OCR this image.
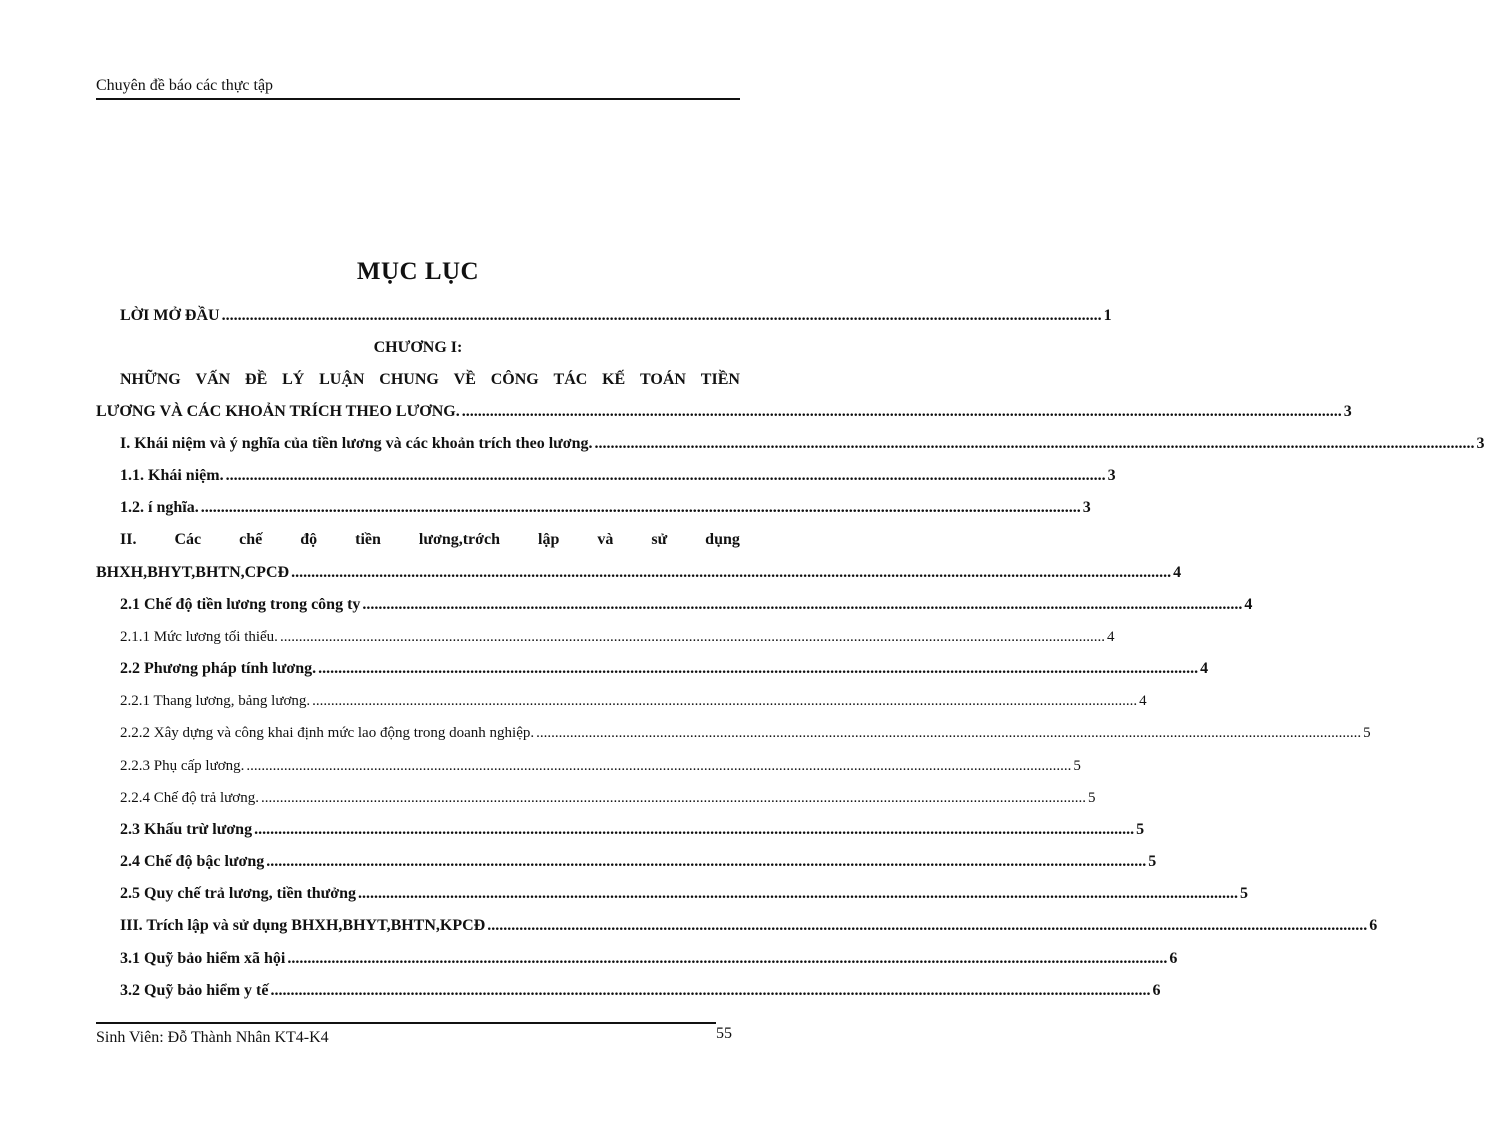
Chuyên đề báo các thực tập
MỤC LỤC
LỜI MỞ ĐẦU ............................................................................................................................................................................................................................ 1
CHƯƠNG I:
NHỮNG VẤN ĐỀ LÝ LUẬN CHUNG VỀ CÔNG TÁC KẾ TOÁN TIỀN
LƯƠNG VÀ CÁC KHOẢN TRÍCH THEO LƯƠNG. ............................................................................................................................................................................................................................ 3
I. Khái niệm và ý nghĩa của tiền lương và các khoản trích theo lương. ............................................................................................................................................................................................................................ 3
1.1. Khái niệm. ............................................................................................................................................................................................................................ 3
1.2. í nghĩa. ............................................................................................................................................................................................................................ 3
II. Các chế độ tiền lương,trớch lập và sử dụng
BHXH,BHYT,BHTN,CPCĐ ............................................................................................................................................................................................................................ 4
2.1 Chế độ tiền lương trong công ty ............................................................................................................................................................................................................................ 4
2.1.1 Mức lương tối thiểu. ............................................................................................................................................................................................................................ 4
2.2 Phương pháp tính lương. ............................................................................................................................................................................................................................ 4
2.2.1 Thang lương, bảng lương. ............................................................................................................................................................................................................................ 4
2.2.2 Xây dựng và công khai định mức lao động trong doanh nghiệp. ............................................................................................................................................................................................................................ 5
2.2.3 Phụ cấp lương. ............................................................................................................................................................................................................................ 5
2.2.4 Chế độ trả lương. ............................................................................................................................................................................................................................ 5
2.3 Khấu trừ lương ............................................................................................................................................................................................................................ 5
2.4 Chế độ bậc lương ............................................................................................................................................................................................................................ 5
2.5 Quy chế trả lương, tiền thưởng ............................................................................................................................................................................................................................ 5
III. Trích lập và sử dụng BHXH,BHYT,BHTN,KPCĐ ............................................................................................................................................................................................................................ 6
3.1 Quỹ bảo hiểm xã hội ............................................................................................................................................................................................................................ 6
3.2 Quỹ bảo hiểm y tế ............................................................................................................................................................................................................................ 6
Sinh Viên: Đỗ Thành Nhân KT4-K4	55
